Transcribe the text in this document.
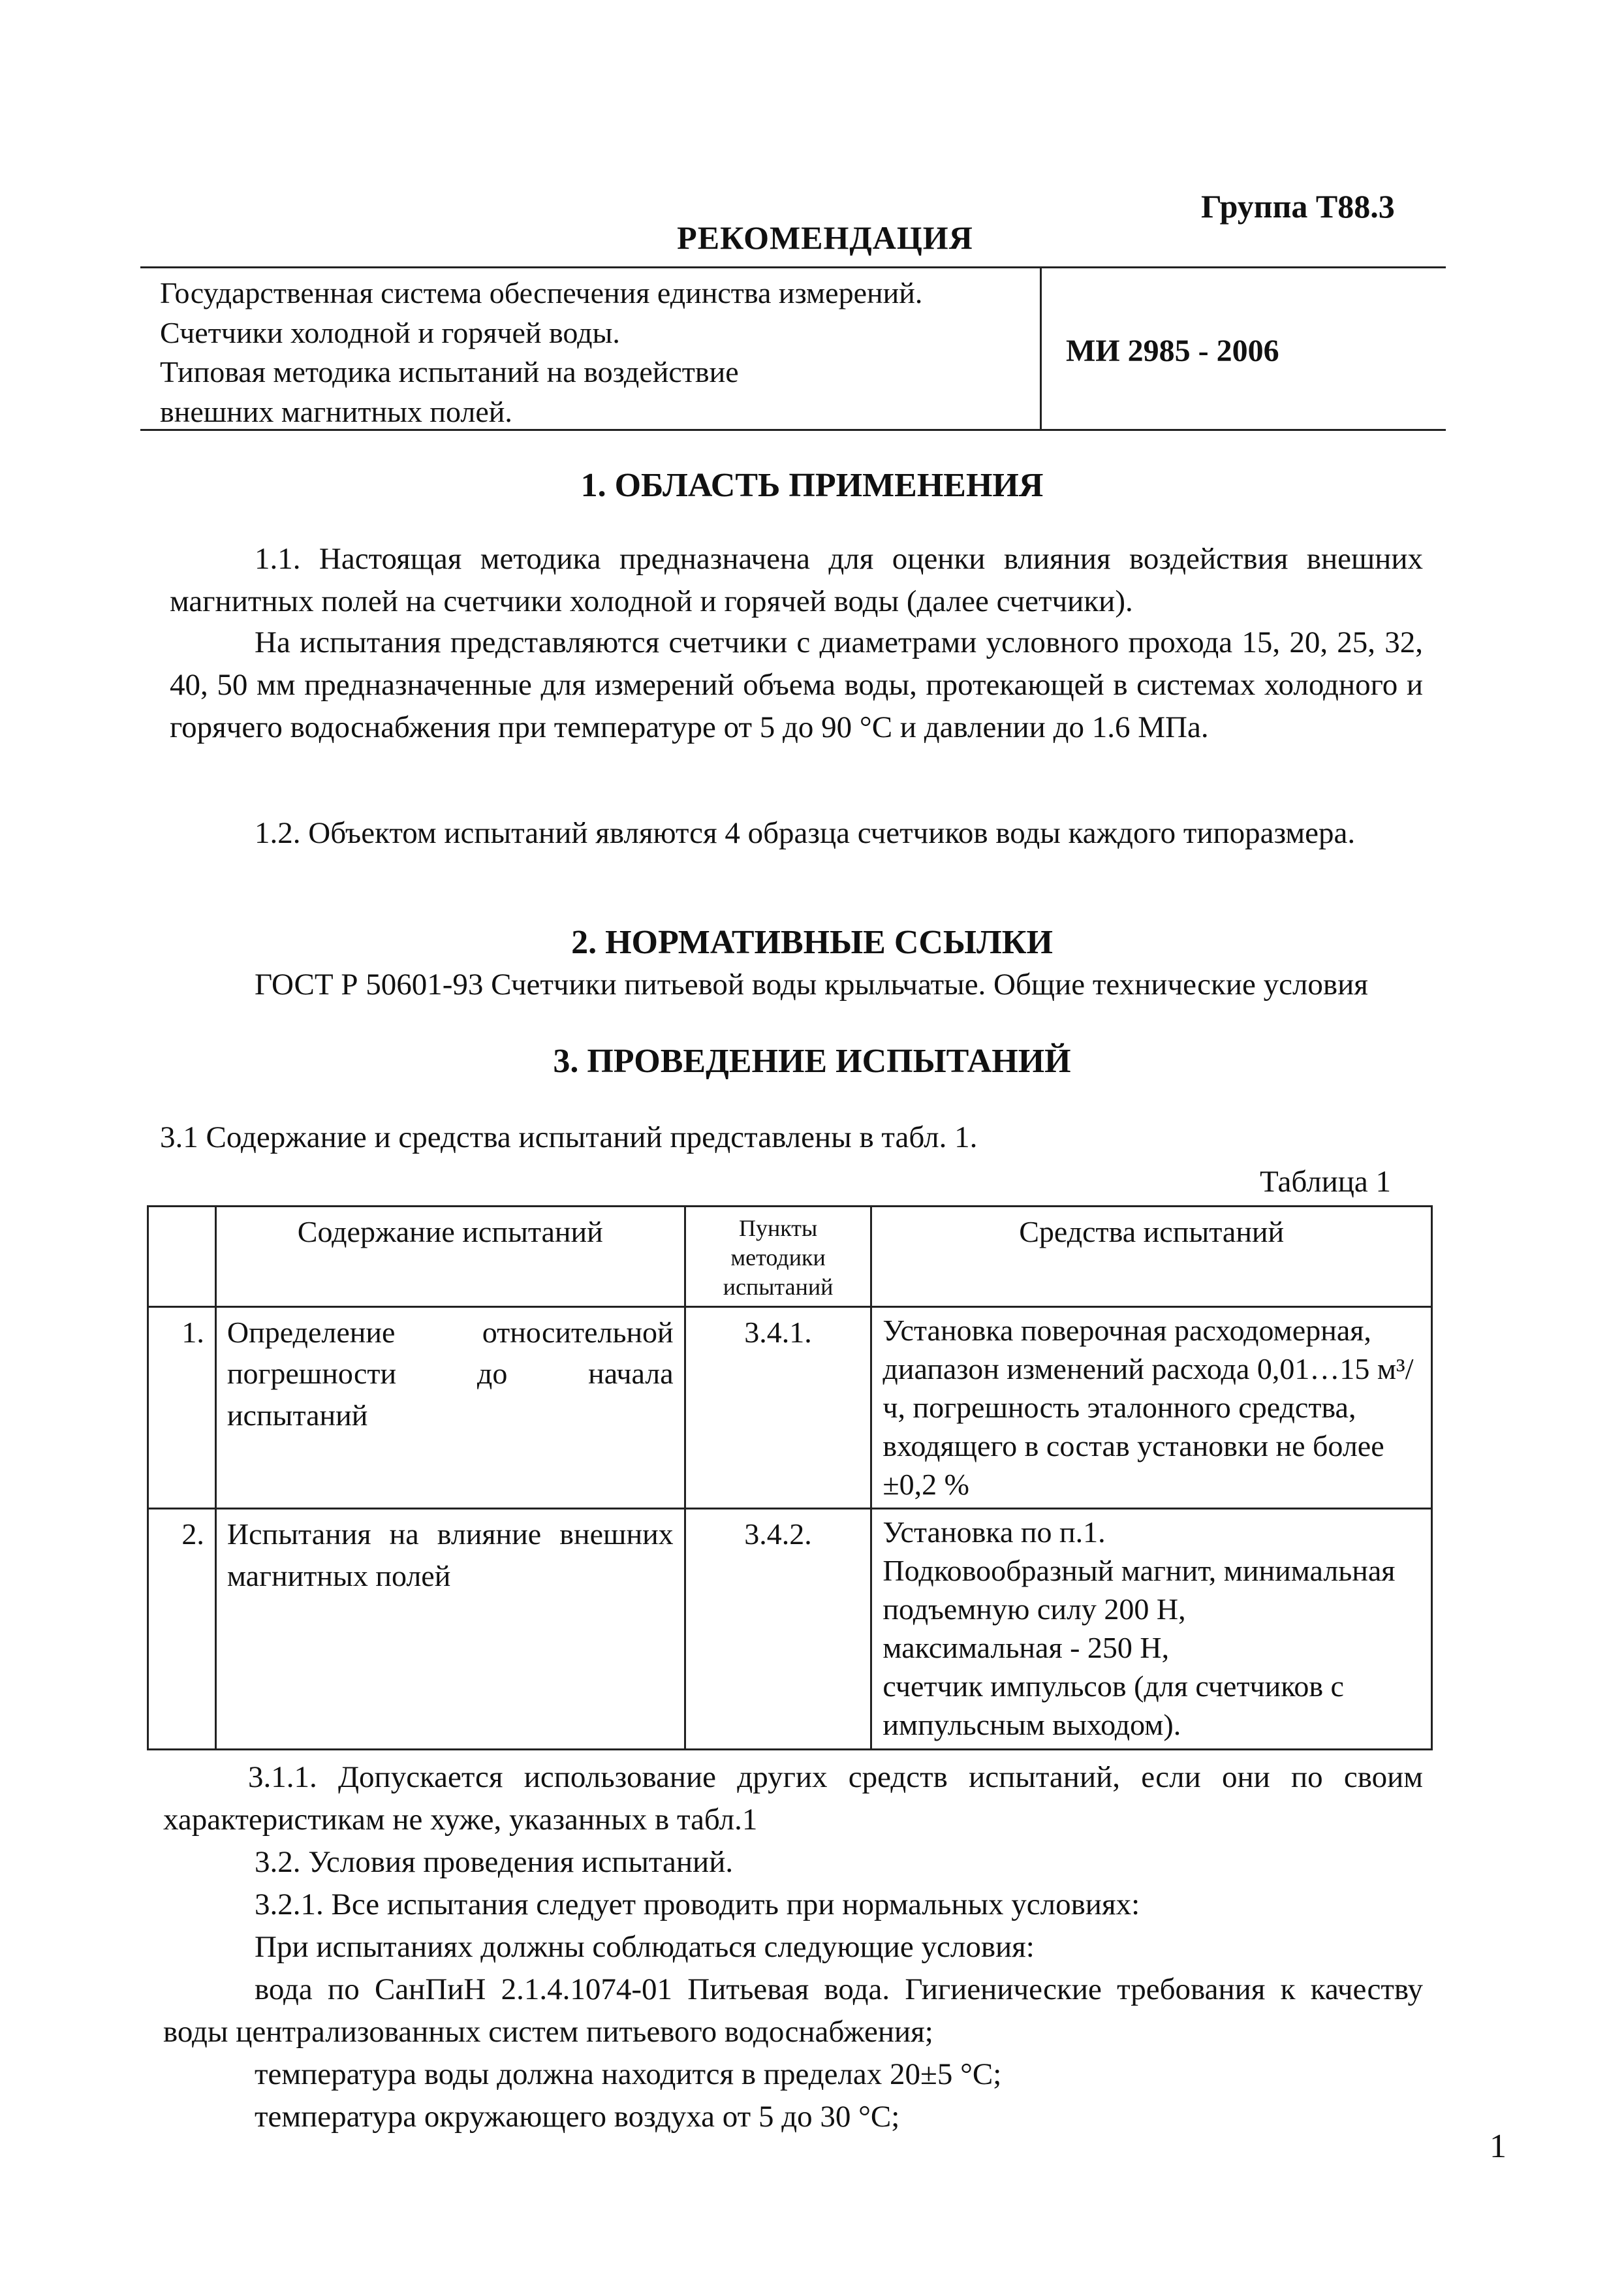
Группа Т88.3
РЕКОМЕНДАЦИЯ
Государственная система обеспечения единства измерений.
Счетчики холодной и горячей воды.
Типовая методика испытаний на воздействие
внешних магнитных полей.
МИ 2985 - 2006
1. ОБЛАСТЬ ПРИМЕНЕНИЯ
1.1. Настоящая методика предназначена для оценки влияния воздействия внешних магнитных полей на счетчики холодной и горячей воды (далее счетчики).
На испытания представляются счетчики с диаметрами условного прохода 15, 20, 25, 32, 40, 50 мм предназначенные для измерений объема воды, протекающей в системах холодного и горячего водоснабжения при температуре от 5 до 90 °С и давлении до 1.6 МПа.
1.2. Объектом испытаний являются 4 образца счетчиков воды каждого типоразмера.
2. НОРМАТИВНЫЕ ССЫЛКИ
ГОСТ Р 50601-93 Счетчики питьевой воды крыльчатые. Общие технические условия
3. ПРОВЕДЕНИЕ ИСПЫТАНИЙ
3.1 Содержание и средства испытаний представлены в табл. 1.
Таблица 1
	Содержание испытаний	Пункты методики испытаний	Средства испытаний
1.	Определение относительной погрешности до начала испытаний	3.4.1.	Установка поверочная расходомерная, диапазон изменений расхода 0,01…15 м³/ч, погрешность эталонного средства, входящего в состав установки не более ±0,2 %
2.	Испытания на влияние внешних магнитных полей	3.4.2.	Установка по п.1.
Подковообразный магнит, минимальная подъемную силу 200 Н,
максимальная - 250 Н,
счетчик импульсов (для счетчиков с импульсным выходом).
3.1.1. Допускается использование других средств испытаний, если они по своим характеристикам не хуже, указанных в табл.1
3.2. Условия проведения испытаний.
3.2.1. Все испытания следует проводить при нормальных условиях:
При испытаниях должны соблюдаться следующие условия:
вода по СанПиН 2.1.4.1074-01 Питьевая вода. Гигиенические требования к качеству воды централизованных систем питьевого водоснабжения;
температура воды должна находится в пределах 20±5 °С;
температура окружающего воздуха от 5 до 30 °С;
1
